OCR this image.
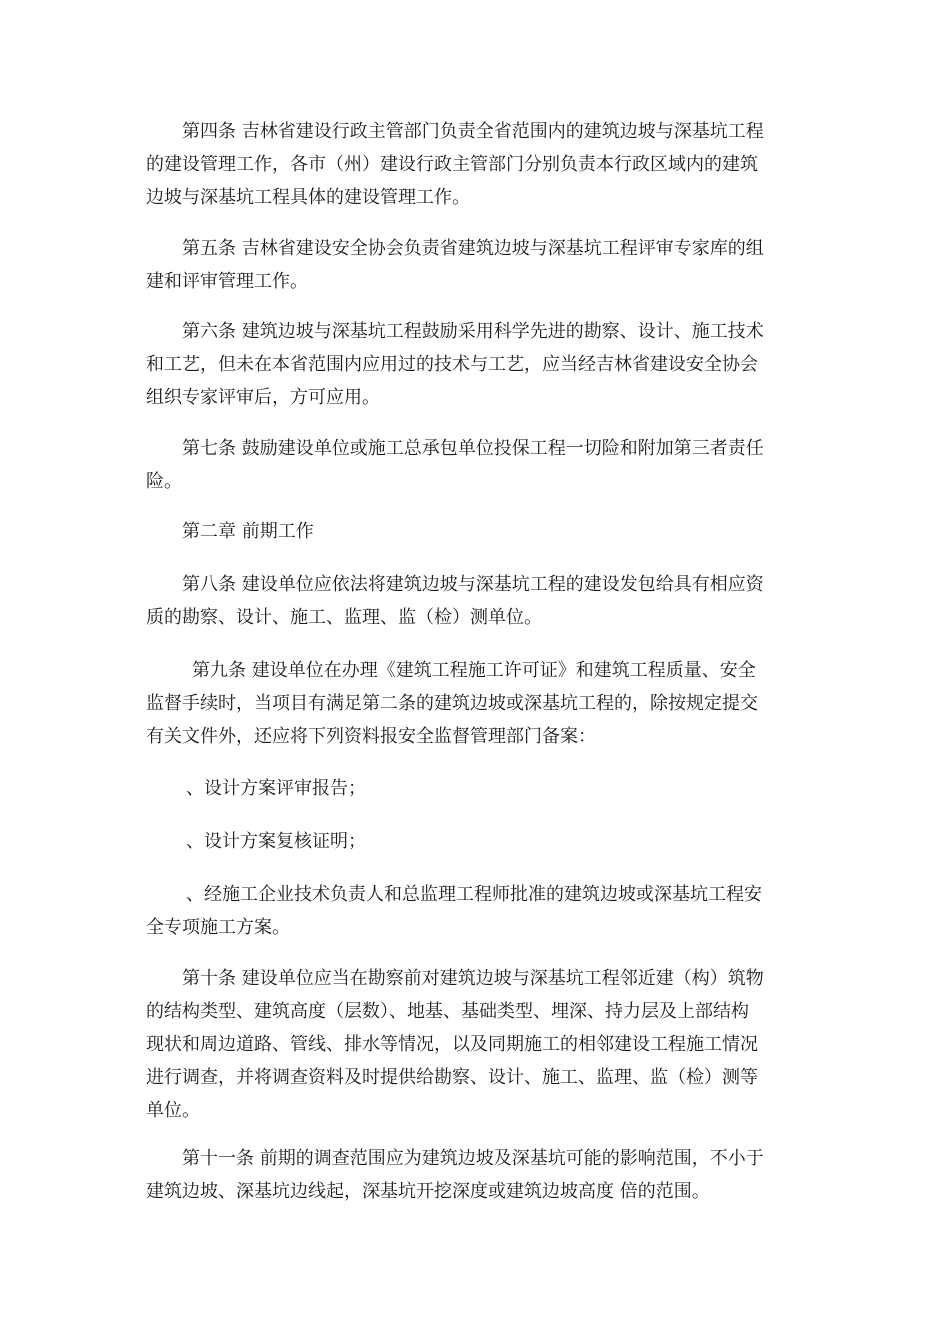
第四条 吉林省建设行政主管部门负责全省范围内的建筑边坡与深基坑工程
的建设管理工作，各市（州）建设行政主管部门分别负责本行政区域内的建筑
边坡与深基坑工程具体的建设管理工作。
第五条 吉林省建设安全协会负责省建筑边坡与深基坑工程评审专家库的组
建和评审管理工作。
第六条 建筑边坡与深基坑工程鼓励采用科学先进的勘察、设计、施工技术
和工艺，但未在本省范围内应用过的技术与工艺，应当经吉林省建设安全协会
组织专家评审后，方可应用。
第七条 鼓励建设单位或施工总承包单位投保工程一切险和附加第三者责任
险。
第二章 前期工作
第八条 建设单位应依法将建筑边坡与深基坑工程的建设发包给具有相应资
质的勘察、设计、施工、监理、监（检）测单位。
第九条 建设单位在办理《建筑工程施工许可证》和建筑工程质量、安全
监督手续时，当项目有满足第二条的建筑边坡或深基坑工程的，除按规定提交
有关文件外，还应将下列资料报安全监督管理部门备案：
、设计方案评审报告；
、设计方案复核证明；
、经施工企业技术负责人和总监理工程师批准的建筑边坡或深基坑工程安
全专项施工方案。
第十条 建设单位应当在勘察前对建筑边坡与深基坑工程邻近建（构）筑物
的结构类型、建筑高度（层数）、地基、基础类型、埋深、持力层及上部结构
现状和周边道路、管线、排水等情况，以及同期施工的相邻建设工程施工情况
进行调查，并将调查资料及时提供给勘察、设计、施工、监理、监（检）测等
单位。
第十一条 前期的调查范围应为建筑边坡及深基坑可能的影响范围，不小于
建筑边坡、深基坑边线起，深基坑开挖深度或建筑边坡高度 倍的范围。
